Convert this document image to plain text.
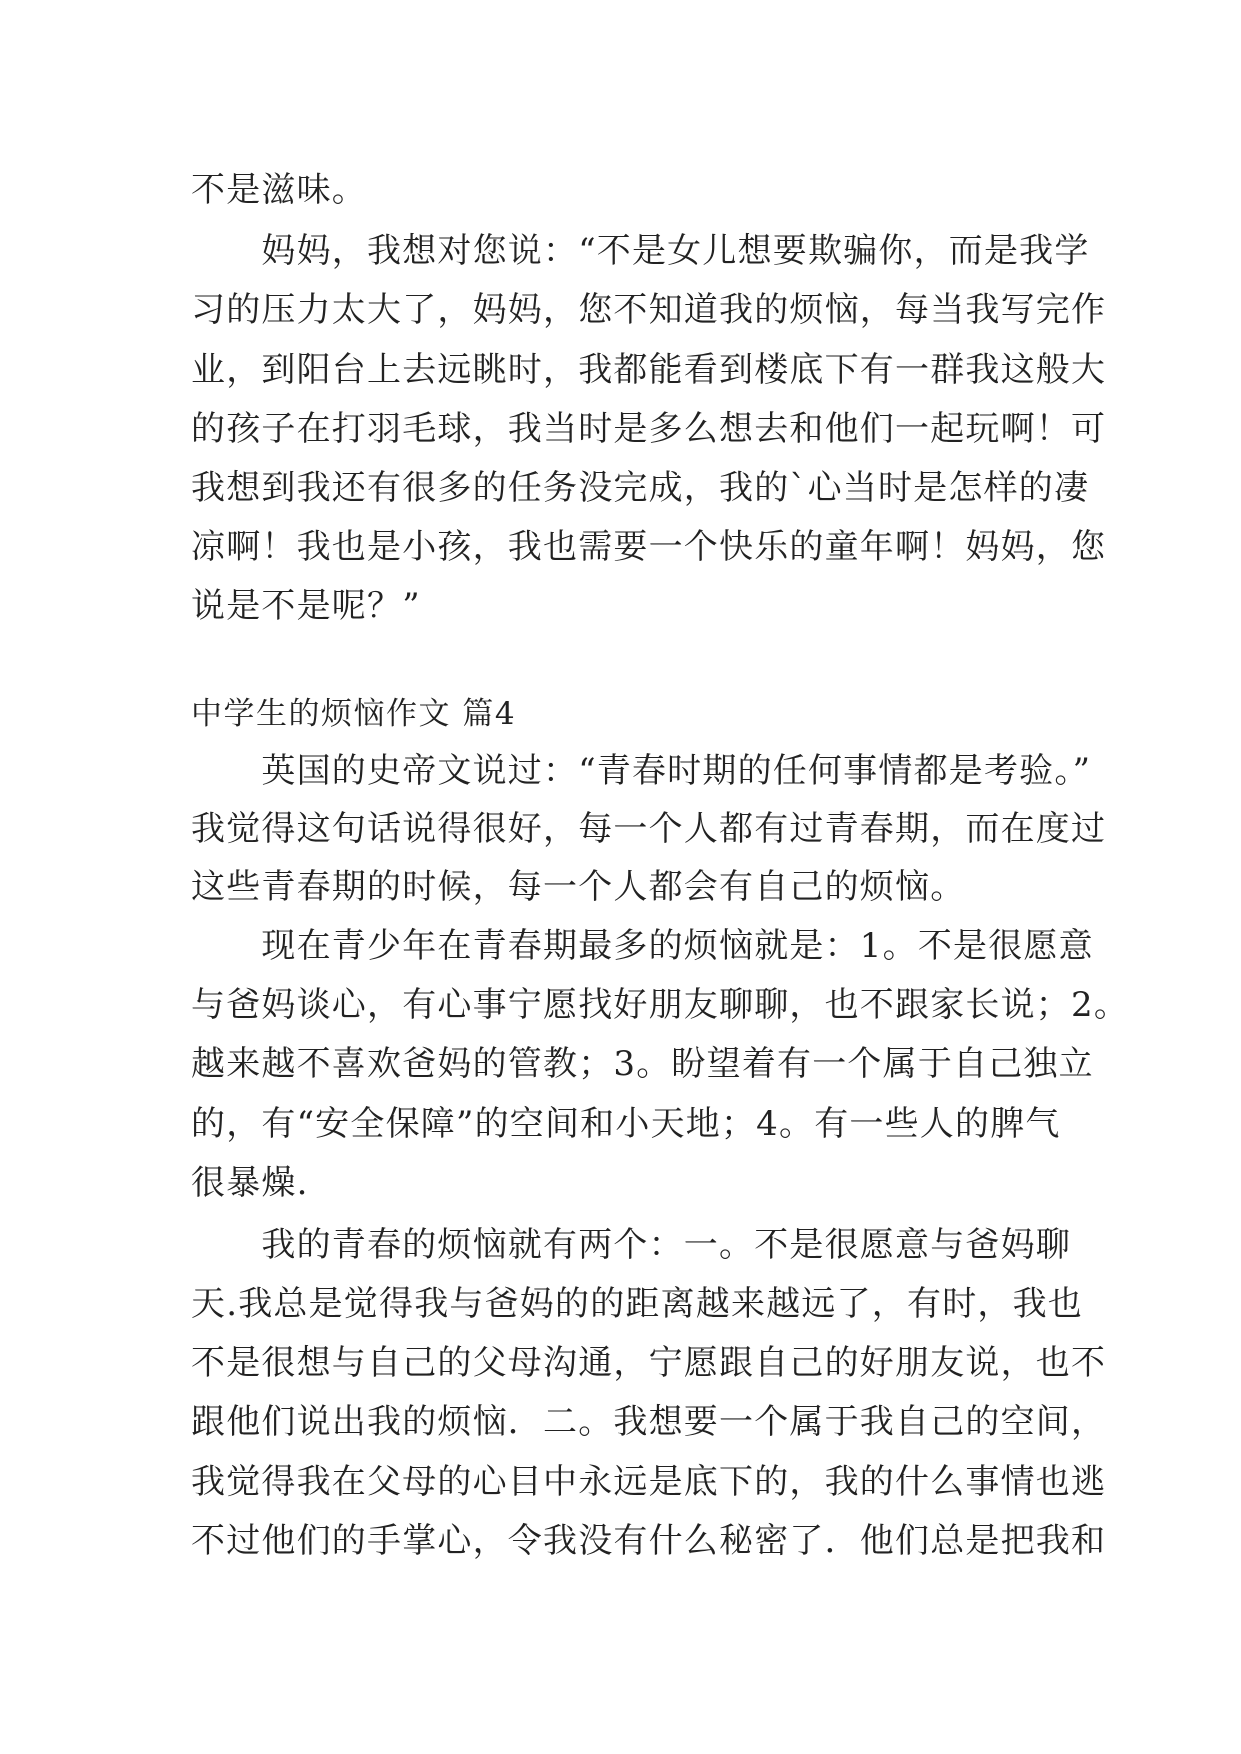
不是滋味。
　　妈妈，我想对您说：“不是女儿想要欺骗你，而是我学
习的压力太大了，妈妈，您不知道我的烦恼，每当我写完作
业，到阳台上去远眺时，我都能看到楼底下有一群我这般大
的孩子在打羽毛球，我当时是多么想去和他们一起玩啊！可
我想到我还有很多的任务没完成，我的`心当时是怎样的凄
凉啊！我也是小孩，我也需要一个快乐的童年啊！妈妈，您
说是不是呢？”
中学生的烦恼作文 篇4
　　英国的史帝文说过：“青春时期的任何事情都是考验。”
我觉得这句话说得很好，每一个人都有过青春期，而在度过
这些青春期的时候，每一个人都会有自己的烦恼。
　　现在青少年在青春期最多的烦恼就是：1。不是很愿意
与爸妈谈心，有心事宁愿找好朋友聊聊，也不跟家长说；2。
越来越不喜欢爸妈的管教；3。盼望着有一个属于自己独立
的，有“安全保障”的空间和小天地；4。有一些人的脾气
很暴燥.
　　我的青春的烦恼就有两个：一。不是很愿意与爸妈聊
天.我总是觉得我与爸妈的的距离越来越远了，有时，我也
不是很想与自己的父母沟通，宁愿跟自己的好朋友说，也不
跟他们说出我的烦恼．二。我想要一个属于我自己的空间，
我觉得我在父母的心目中永远是底下的，我的什么事情也逃
不过他们的手掌心，令我没有什么秘密了．他们总是把我和
